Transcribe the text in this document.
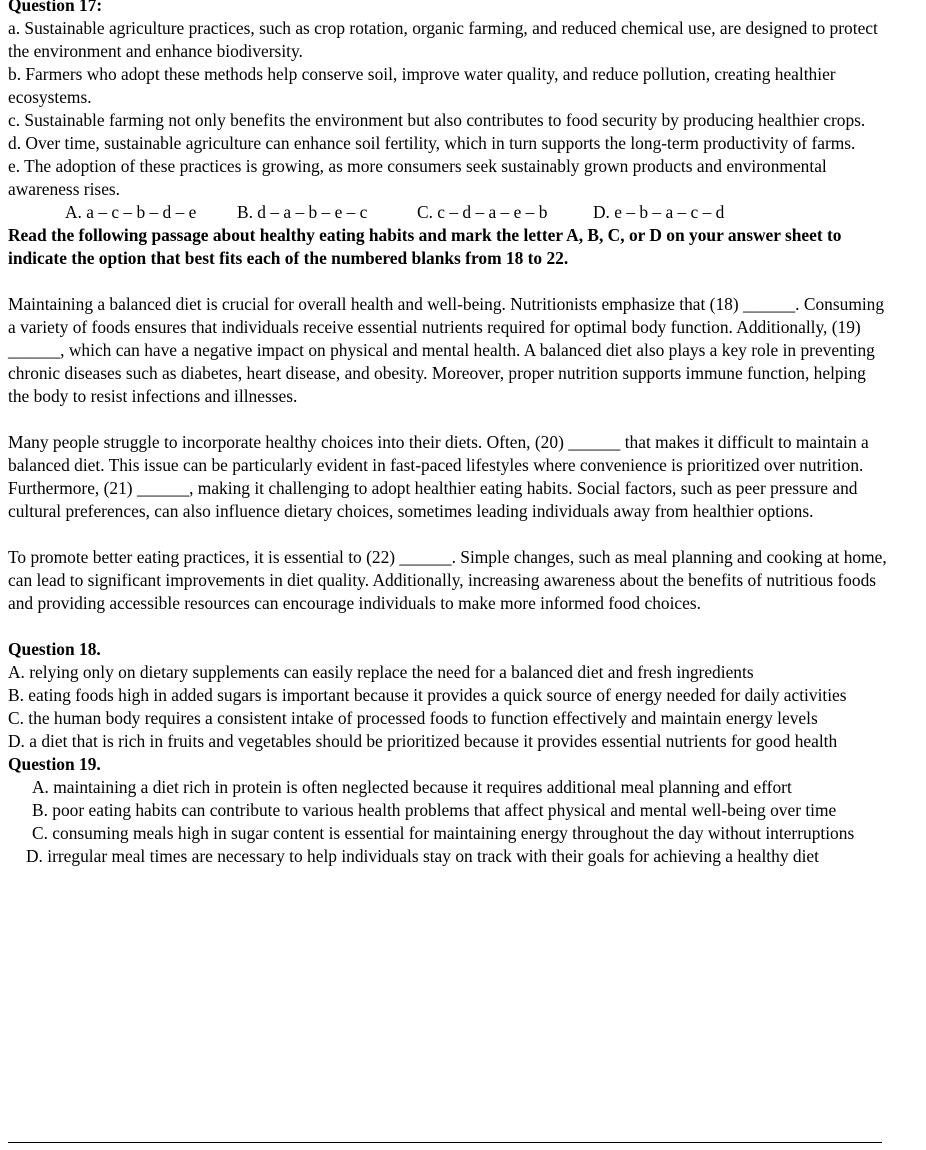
Question 17:

a. Sustainable agriculture practices, such as crop rotation, organic farming, and reduced chemical use, are designed to protect the environment and enhance biodiversity.

b. Farmers who adopt these methods help conserve soil, improve water quality, and reduce pollution, creating healthier ecosystems.

c. Sustainable farming not only benefits the environment but also contributes to food security by producing healthier crops.

d. Over time, sustainable agriculture can enhance soil fertility, which in turn supports the long-term productivity of farms.

e. The adoption of these practices is growing, as more consumers seek sustainably grown products and environmental awareness rises.

A. a – c – b – d – e B. d – a – b – e – c	C. c – d – a – e – b	D. e – b – a – c – d

Read the following passage about healthy eating habits and mark the letter A, B, C, or D on your answer sheet to indicate the option that best fits each of the numbered blanks from 18 to 22.

Maintaining a balanced diet is crucial for overall health and well-being. Nutritionists emphasize that (18) ______. Consuming a variety of foods ensures that individuals receive essential nutrients required for optimal body function. Additionally, (19) ______, which can have a negative impact on physical and mental health. A balanced diet also plays a key role in preventing chronic diseases such as diabetes, heart disease, and obesity. Moreover, proper nutrition supports immune function, helping the body to resist infections and illnesses.

Many people struggle to incorporate healthy choices into their diets. Often, (20) ______ that makes it difficult to maintain a balanced diet. This issue can be particularly evident in fast-paced lifestyles where convenience is prioritized over nutrition. Furthermore, (21) ______, making it challenging to adopt healthier eating habits. Social factors, such as peer pressure and cultural preferences, can also influence dietary choices, sometimes leading individuals away from healthier options.

To promote better eating practices, it is essential to (22) ______. Simple changes, such as meal planning and cooking at home, can lead to significant improvements in diet quality. Additionally, increasing awareness about the benefits of nutritious foods and providing accessible resources can encourage individuals to make more informed food choices.

Question 18.

A. relying only on dietary supplements can easily replace the need for a balanced diet and fresh ingredients

B. eating foods high in added sugars is important because it provides a quick source of energy needed for daily activities

C. the human body requires a consistent intake of processed foods to function effectively and maintain energy levels

D. a diet that is rich in fruits and vegetables should be prioritized because it provides essential nutrients for good health

Question 19.

A. maintaining a diet rich in protein is often neglected because it requires additional meal planning and effort

B. poor eating habits can contribute to various health problems that affect physical and mental well-being over time

C. consuming meals high in sugar content is essential for maintaining energy throughout the day without interruptions

D. irregular meal times are necessary to help individuals stay on track with their goals for achieving a healthy diet
